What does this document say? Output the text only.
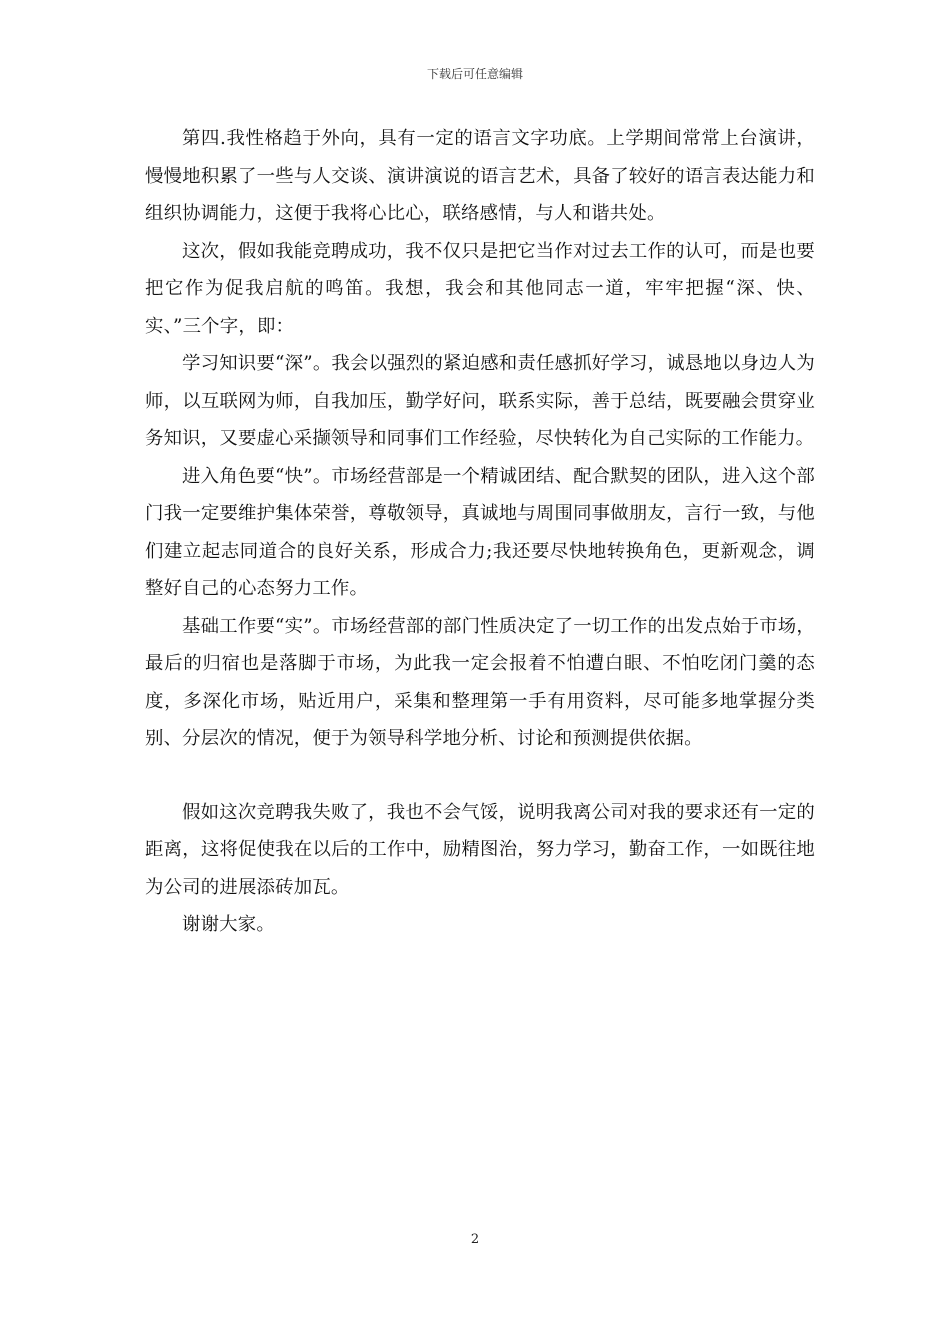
下载后可任意编辑

第四.我性格趋于外向，具有一定的语言文字功底。上学期间常常上台演讲，慢慢地积累了一些与人交谈、演讲演说的语言艺术，具备了较好的语言表达能力和组织协调能力，这便于我将心比心，联络感情，与人和谐共处。

这次，假如我能竞聘成功，我不仅只是把它当作对过去工作的认可，而是也要把它作为促我启航的鸣笛。我想，我会和其他同志一道，牢牢把握“深、快、实、”三个字，即：

学习知识要“深”。我会以强烈的紧迫感和责任感抓好学习，诚恳地以身边人为师，以互联网为师，自我加压，勤学好问，联系实际，善于总结，既要融会贯穿业务知识，又要虚心采撷领导和同事们工作经验，尽快转化为自己实际的工作能力。

进入角色要“快”。市场经营部是一个精诚团结、配合默契的团队，进入这个部门我一定要维护集体荣誉，尊敬领导，真诚地与周围同事做朋友，言行一致，与他们建立起志同道合的良好关系，形成合力;我还要尽快地转换角色，更新观念，调整好自己的心态努力工作。

基础工作要“实”。市场经营部的部门性质决定了一切工作的出发点始于市场，最后的归宿也是落脚于市场，为此我一定会报着不怕遭白眼、不怕吃闭门羹的态度，多深化市场，贴近用户，采集和整理第一手有用资料，尽可能多地掌握分类别、分层次的情况，便于为领导科学地分析、讨论和预测提供依据。

假如这次竞聘我失败了，我也不会气馁，说明我离公司对我的要求还有一定的距离，这将促使我在以后的工作中，励精图治，努力学习，勤奋工作，一如既往地为公司的进展添砖加瓦。

谢谢大家。

2
